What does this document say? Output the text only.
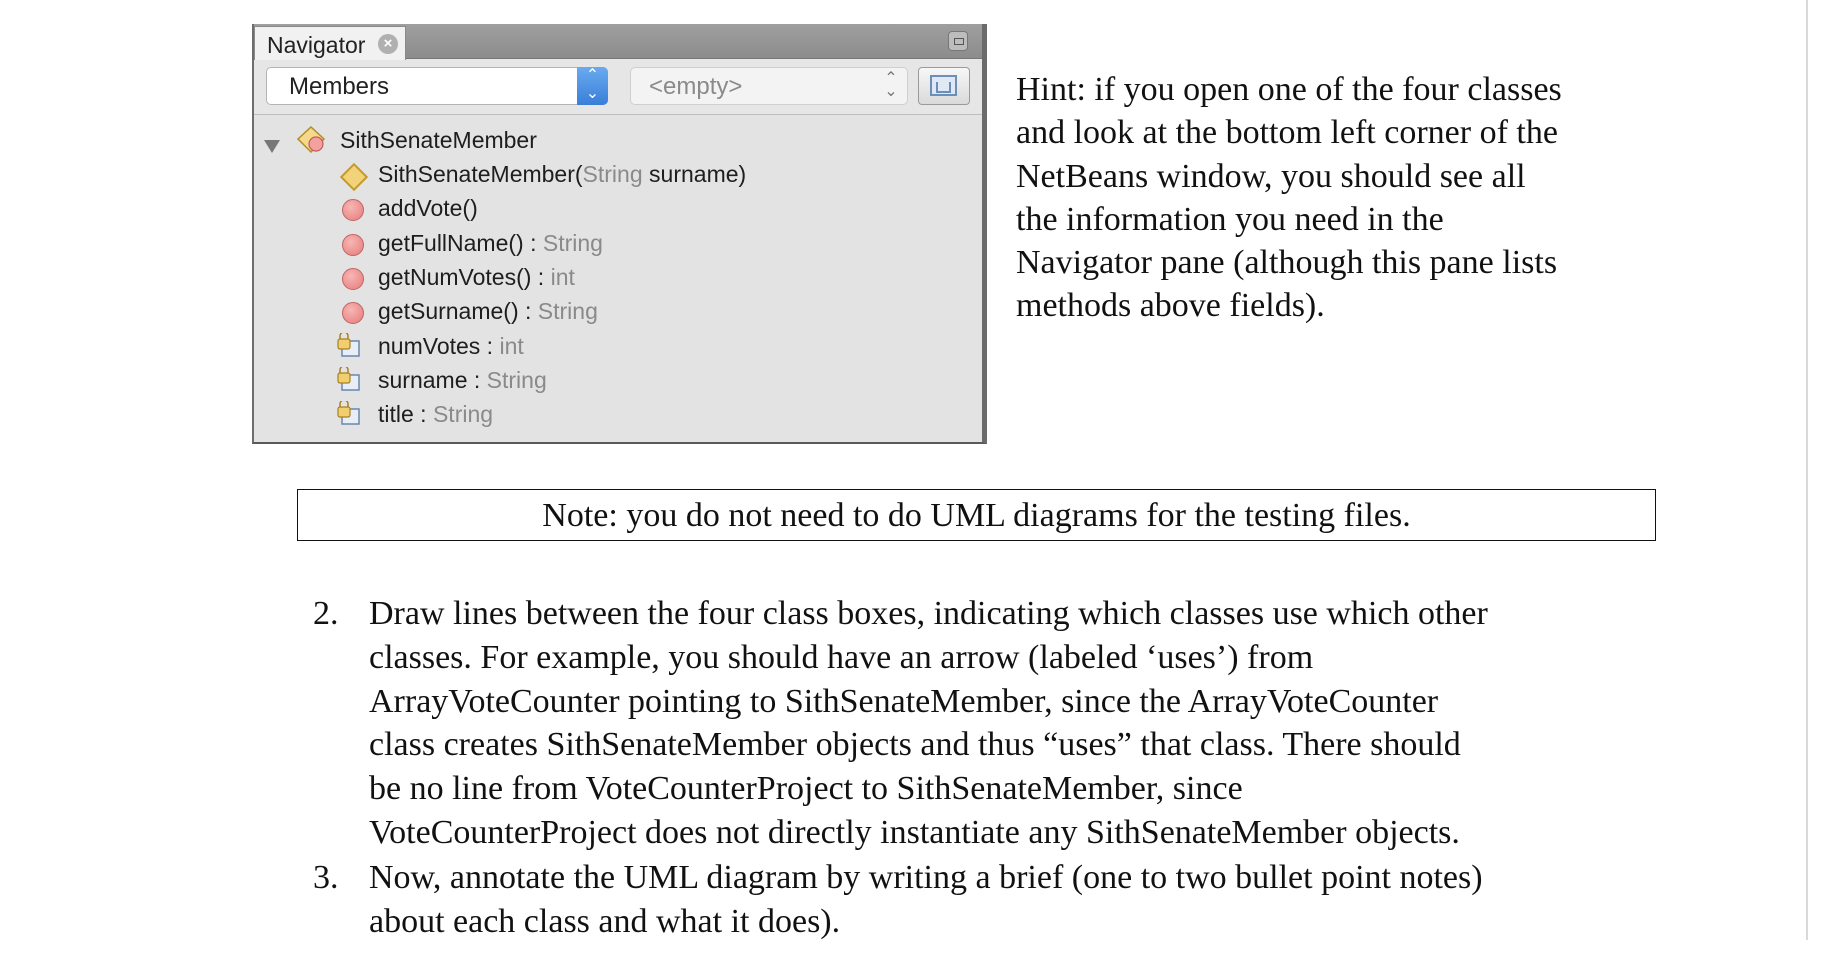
Navigator	×
Members	⌃
⌄	<empty>	⌃
⌄
SithSenateMember
SithSenateMember(String surname)
addVote()
getFullName() : String
getNumVotes() : int
getSurname() : String
numVotes : int
surname : String
title : String
Hint: if you open one of the four classes
and look at the bottom left corner of the
NetBeans window, you should see all
the information you need in the
Navigator pane (although this pane lists
methods above fields).
Note: you do not need to do UML diagrams for the testing files.
2. Draw lines between the four class boxes, indicating which classes use which other
classes. For example, you should have an arrow (labeled ‘uses’) from
ArrayVoteCounter pointing to SithSenateMember, since the ArrayVoteCounter
class creates SithSenateMember objects and thus “uses” that class. There should
be no line from VoteCounterProject to SithSenateMember, since
VoteCounterProject does not directly instantiate any SithSenateMember objects.
3. Now, annotate the UML diagram by writing a brief (one to two bullet point notes)
about each class and what it does).
